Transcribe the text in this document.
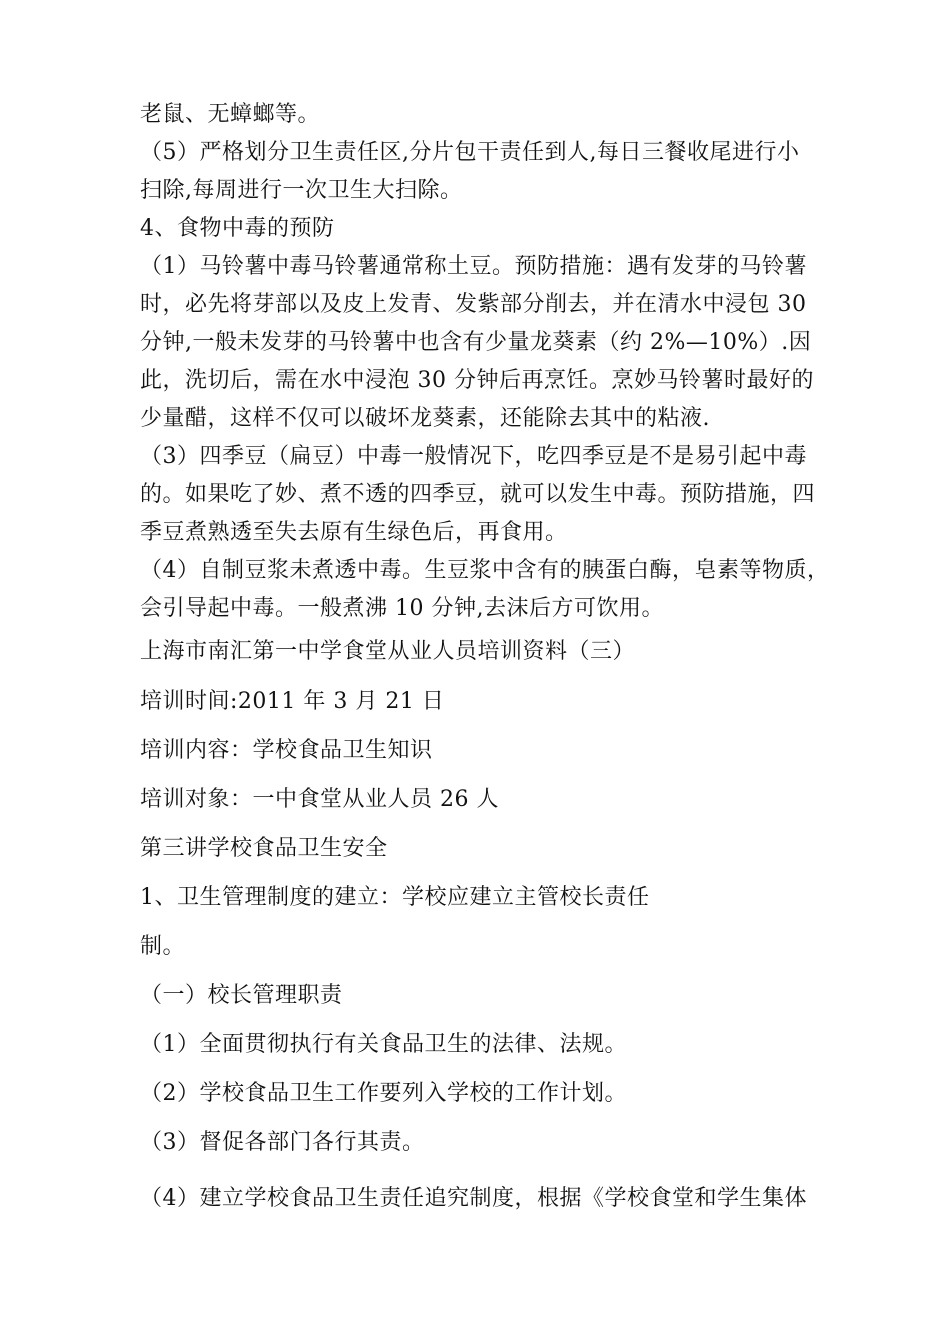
老鼠、无蟑螂等。
（5）严格划分卫生责任区,分片包干责任到人,每日三餐收尾进行小
扫除,每周进行一次卫生大扫除。
4、食物中毒的预防
（1）马铃薯中毒马铃薯通常称土豆。预防措施：遇有发芽的马铃薯
时，必先将芽部以及皮上发青、发紫部分削去，并在清水中浸包 30
分钟,一般未发芽的马铃薯中也含有少量龙葵素（约 2%—10%）.因
此，洗切后，需在水中浸泡 30 分钟后再烹饪。烹妙马铃薯时最好的
少量醋，这样不仅可以破坏龙葵素，还能除去其中的粘液.
（3）四季豆（扁豆）中毒一般情况下，吃四季豆是不是易引起中毒
的。如果吃了妙、煮不透的四季豆，就可以发生中毒。预防措施，四
季豆煮熟透至失去原有生绿色后，再食用。
（4）自制豆浆未煮透中毒。生豆浆中含有的胰蛋白酶，皂素等物质，
会引导起中毒。一般煮沸 10 分钟,去沫后方可饮用。
上海市南汇第一中学食堂从业人员培训资料（三）
培训时间:2011 年 3 月 21 日
培训内容：学校食品卫生知识
培训对象：一中食堂从业人员 26 人
第三讲学校食品卫生安全
1、卫生管理制度的建立：学校应建立主管校长责任
制。
（一）校长管理职责
（1）全面贯彻执行有关食品卫生的法律、法规。
（2）学校食品卫生工作要列入学校的工作计划。
（3）督促各部门各行其责。
（4）建立学校食品卫生责任追究制度，根据《学校食堂和学生集体
